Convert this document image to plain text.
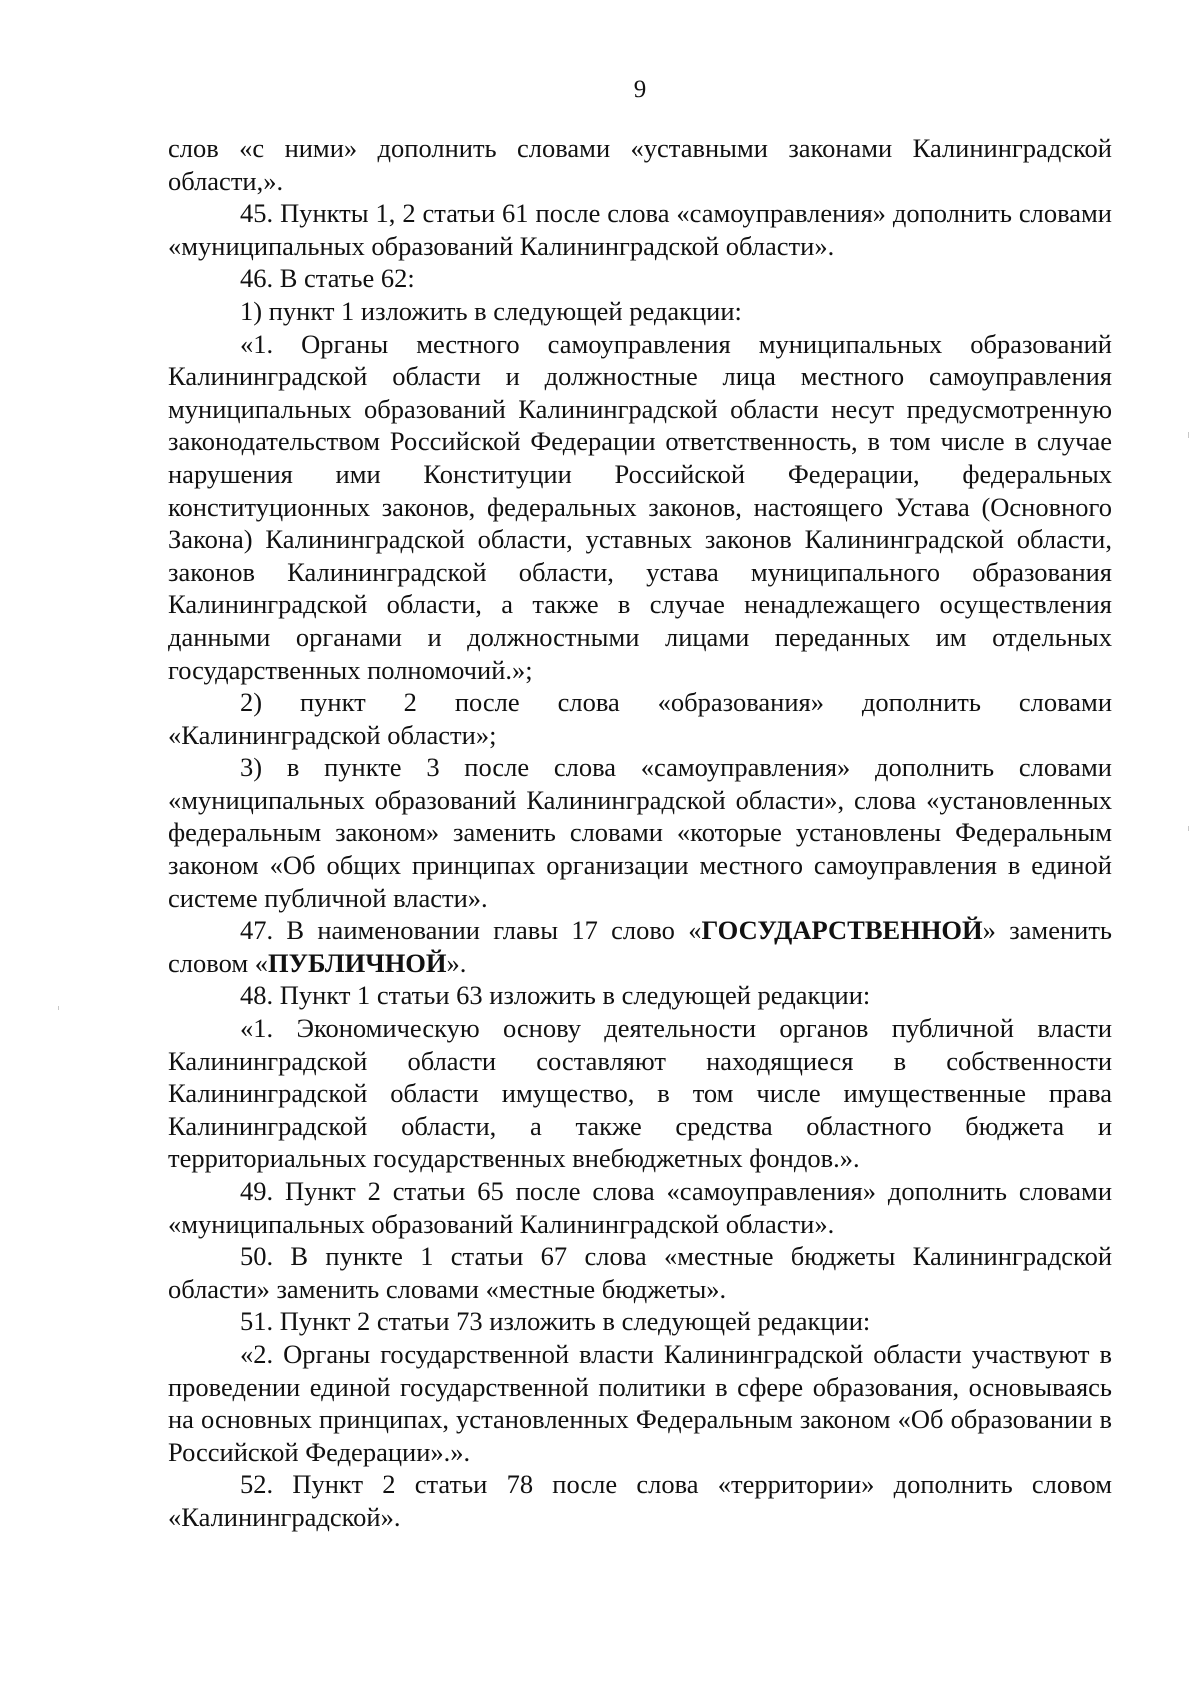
9

слов «с ними» дополнить словами «уставными законами Калининградской области,».

45. Пункты 1, 2 статьи 61 после слова «самоуправления» дополнить словами «муниципальных образований Калининградской области».

46. В статье 62:

1) пункт 1 изложить в следующей редакции:

«1. Органы местного самоуправления муниципальных образований Калининградской области и должностные лица местного самоуправления муниципальных образований Калининградской области несут предусмотренную законодательством Российской Федерации ответственность, в том числе в случае нарушения ими Конституции Российской Федерации, федеральных конституционных законов, федеральных законов, настоящего Устава (Основного Закона) Калининградской области, уставных законов Калининградской области, законов Калининградской области, устава муниципального образования Калининградской области, а также в случае ненадлежащего осуществления данными органами и должностными лицами переданных им отдельных государственных полномочий.»;

2) пункт 2 после слова «образования» дополнить словами «Калининградской области»;

3) в пункте 3 после слова «самоуправления» дополнить словами «муниципальных образований Калининградской области», слова «установленных федеральным законом» заменить словами «которые установлены Федеральным законом «Об общих принципах организации местного самоуправления в единой системе публичной власти».

47. В наименовании главы 17 слово «ГОСУДАРСТВЕННОЙ» заменить словом «ПУБЛИЧНОЙ».

48. Пункт 1 статьи 63 изложить в следующей редакции:

«1. Экономическую основу деятельности органов публичной власти Калининградской области составляют находящиеся в собственности Калининградской области имущество, в том числе имущественные права Калининградской области, а также средства областного бюджета и территориальных государственных внебюджетных фондов.».

49. Пункт 2 статьи 65 после слова «самоуправления» дополнить словами «муниципальных образований Калининградской области».

50. В пункте 1 статьи 67 слова «местные бюджеты Калининградской области» заменить словами «местные бюджеты».

51. Пункт 2 статьи 73 изложить в следующей редакции:

«2. Органы государственной власти Калининградской области участвуют в проведении единой государственной политики в сфере образования, основываясь на основных принципах, установленных Федеральным законом «Об образовании в Российской Федерации».».

52. Пункт 2 статьи 78 после слова «территории» дополнить словом «Калининградской».
